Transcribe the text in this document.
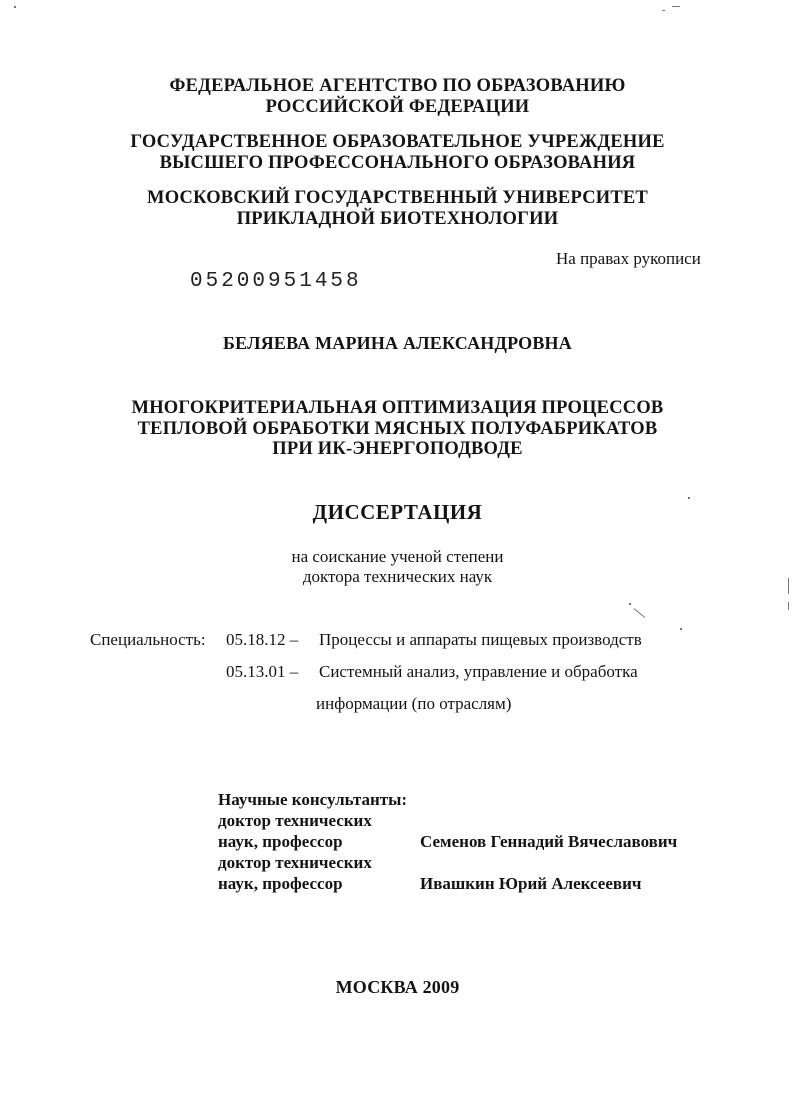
ФЕДЕРАЛЬНОЕ АГЕНТСТВО ПО ОБРАЗОВАНИЮ
РОССИЙСКОЙ ФЕДЕРАЦИИ
ГОСУДАРСТВЕННОЕ ОБРАЗОВАТЕЛЬНОЕ УЧРЕЖДЕНИЕ
ВЫСШЕГО ПРОФЕССОНАЛЬНОГО ОБРАЗОВАНИЯ
МОСКОВСКИЙ ГОСУДАРСТВЕННЫЙ УНИВЕРСИТЕТ
ПРИКЛАДНОЙ БИОТЕХНОЛОГИИ
На правах рукописи
05200951458
БЕЛЯЕВА МАРИНА АЛЕКСАНДРОВНА
МНОГОКРИТЕРИАЛЬНАЯ ОПТИМИЗАЦИЯ ПРОЦЕССОВ
ТЕПЛОВОЙ ОБРАБОТКИ МЯСНЫХ ПОЛУФАБРИКАТОВ
ПРИ ИК-ЭНЕРГОПОДВОДЕ
ДИССЕРТАЦИЯ
на соискание ученой степени
доктора технических наук
Специальность: 05.18.12 – Процессы и аппараты пищевых производств
05.13.01 – Системный анализ, управление и обработка
информации (по отраслям)
Научные консультанты:
доктор технических
наук, профессор	Семенов Геннадий Вячеславович
доктор технических
наук, профессор	Ивашкин Юрий Алексеевич
МОСКВА 2009
